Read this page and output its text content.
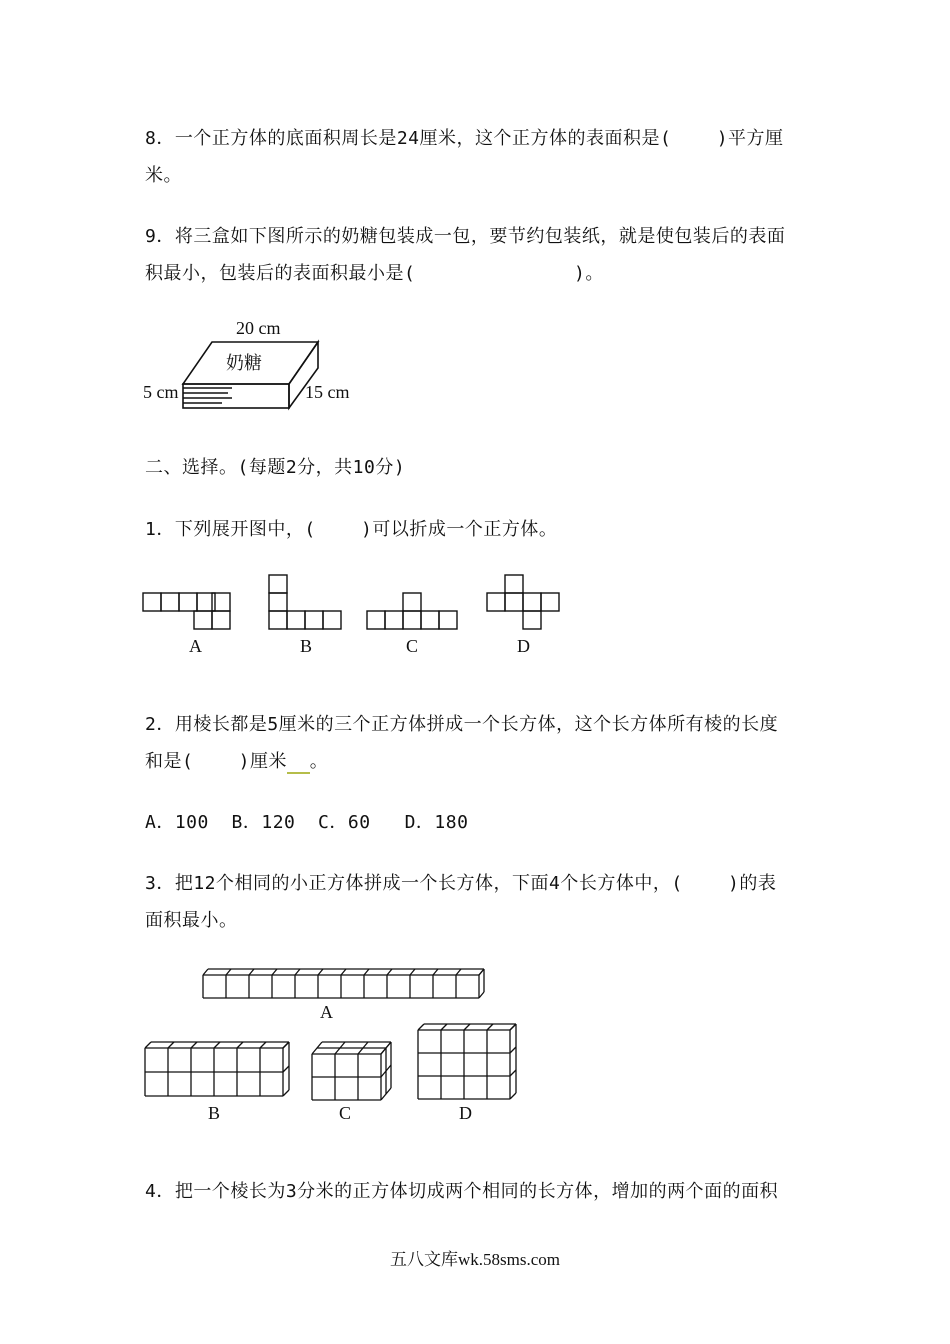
8．一个正方体的底面积周长是24厘米，这个正方体的表面积是(    )平方厘
米。
9．将三盒如下图所示的奶糖包装成一包，要节约包装纸，就是使包装后的表面
积最小，包装后的表面积最小是(              )。
20 cm
奶糖
5 cm	15 cm
二、选择。(每题2分，共10分)
1．下列展开图中，(    )可以折成一个正方体。
A	B	C	D
2．用棱长都是5厘米的三个正方体拼成一个长方体，这个长方体所有棱的长度
和是(    )厘米 。
A．100  B．120  C．60   D．180
3．把12个相同的小正方体拼成一个长方体，下面4个长方体中，(    )的表
面积最小。
A
B	C	D
4．把一个棱长为3分米的正方体切成两个相同的长方体，增加的两个面的面积
五八文库wk.58sms.com
